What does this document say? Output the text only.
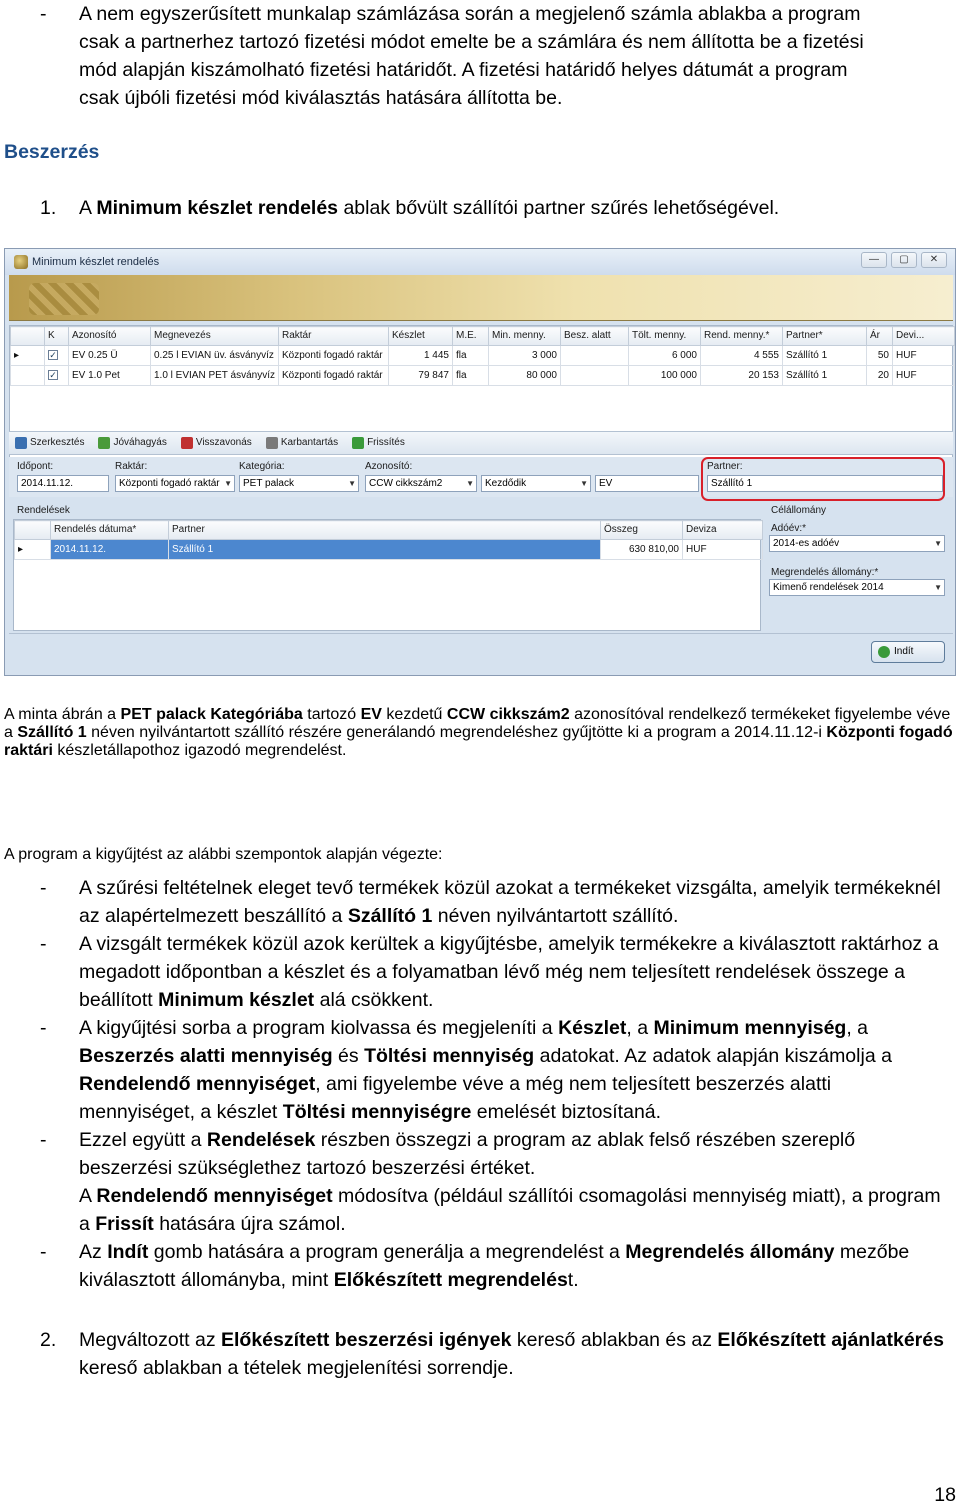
- A nem egyszerűsített munkalap számlázása során a megjelenő számla ablakba a program
csak a partnerhez tartozó fizetési módot emelte be a számlára és nem állította be a fizetési
mód alapján kiszámolható fizetési határidőt. A fizetési határidő helyes dátumát a program
csak újbóli fizetési mód kiválasztás hatására állította be.
Beszerzés
1. A Minimum készlet rendelés ablak bővült szállítói partner szűrés lehetőségével.
Minimum készlet rendelés	—	▢	✕
	K	Azonosító	Megnevezés	Raktár	Készlet	M.E.	Min. menny.	Besz. alatt	Tölt. menny.	Rend. menny.*	Partner*	Ár	Devi...
▸	✓	EV 0.25 Ü	0.25 l EVIAN üv. ásványvíz	Központi fogadó raktár	1 445	fla	3 000		6 000	4 555	Szállító 1	50	HUF
	✓	EV 1.0 Pet	1.0 l EVIAN PET ásványvíz	Központi fogadó raktár	79 847	fla	80 000		100 000	20 153	Szállító 1	20	HUF

Szerkesztés	Jóváhagyás	Visszavonás	Karbantartás	Frissítés
Időpont:
2014.11.12.
Raktár:
Központi fogadó raktár ▼
Kategória:
PET palack	▼
Azonosító:
CCW cikkszám2	▼	Kezdődik	▼	EV
Partner:
Szállító 1
Rendelések
	Rendelés dátuma*	Partner	Összeg	Deviza
▸	2014.11.12.	Szállító 1	630 810,00	HUF
Célállomány
Adóév:*
2014-es adóév	▼
Megrendelés állomány:*
Kimenő rendelések 2014	▼
Indít
A minta ábrán a PET palack Kategóriába tartozó EV kezdetű CCW cikkszám2 azonosítóval rendelkező termékeket figyelembe véve a Szállító 1 néven nyilvántartott szállító részére generálandó megrendeléshez gyűjtötte ki a program a 2014.11.12-i Központi fogadó raktári készletállapothoz igazodó megrendelést.
A program a kigyűjtést az alábbi szempontok alapján végezte:
- A szűrési feltételnek eleget tevő termékek közül azokat a termékeket vizsgálta, amelyik termékeknél az alapértelmezett beszállító a Szállító 1 néven nyilvántartott szállító.
- A vizsgált termékek közül azok kerültek a kigyűjtésbe, amelyik termékekre a kiválasztott raktárhoz a megadott időpontban a készlet és a folyamatban lévő még nem teljesített rendelések összege a beállított Minimum készlet alá csökkent.
- A kigyűjtési sorba a program kiolvassa és megjeleníti a Készlet, a Minimum mennyiség, a Beszerzés alatti mennyiség és Töltési mennyiség adatokat. Az adatok alapján kiszámolja a Rendelendő mennyiséget, ami figyelembe véve a még nem teljesített beszerzés alatti mennyiséget, a készlet Töltési mennyiségre emelését biztosítaná.
- Ezzel együtt a Rendelések részben összegzi a program az ablak felső részében szereplő beszerzési szükséglethez tartozó beszerzési értéket.
A Rendelendő mennyiséget módosítva (például szállítói csomagolási mennyiség miatt), a program a Frissít hatására újra számol.
- Az Indít gomb hatására a program generálja a megrendelést a Megrendelés állomány mezőbe kiválasztott állományba, mint Előkészített megrendelést.
2. Megváltozott az Előkészített beszerzési igények kereső ablakban és az Előkészített ajánlatkérés kereső ablakban a tételek megjelenítési sorrendje.
18
